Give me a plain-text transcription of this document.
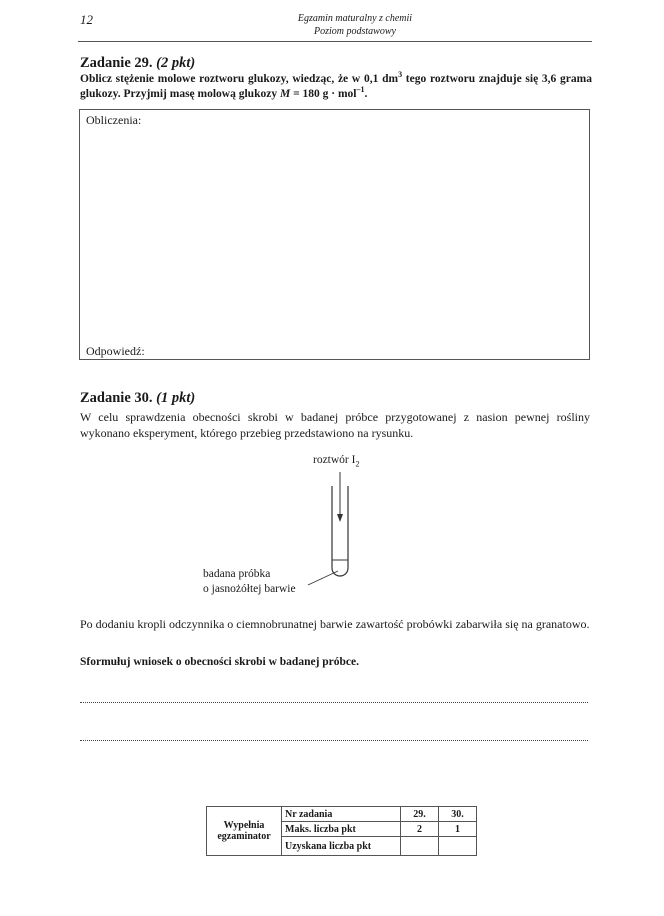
12	Egzamin maturalny z chemii
Poziom podstawowy
Zadanie 29. (2 pkt)
Oblicz stężenie molowe roztworu glukozy, wiedząc, że w 0,1 $dm^3$ tego roztworu znajduje się 3,6 grama glukozy. Przyjmij masę molową glukozy M = 180 g · mol$^{-1}$.
Obliczenia:
Odpowiedź:
Zadanie 30. (1 pkt)
W celu sprawdzenia obecności skrobi w badanej próbce przygotowanej z nasion pewnej rośliny wykonano eksperyment, którego przebieg przedstawiono na rysunku.
roztwór $I_2$
badana próbka
o jasnożółtej barwie
Po dodaniu kropli odczynnika o ciemnobrunatnej barwie zawartość probówki zabarwiła się na granatowo.
Sformułuj wniosek o obecności skrobi w badanej próbce.
Wypełnia
egzaminator	Nr zadania	29.	30.
	Maks. liczba pkt	2	1
	Uzyskana liczba pkt		
